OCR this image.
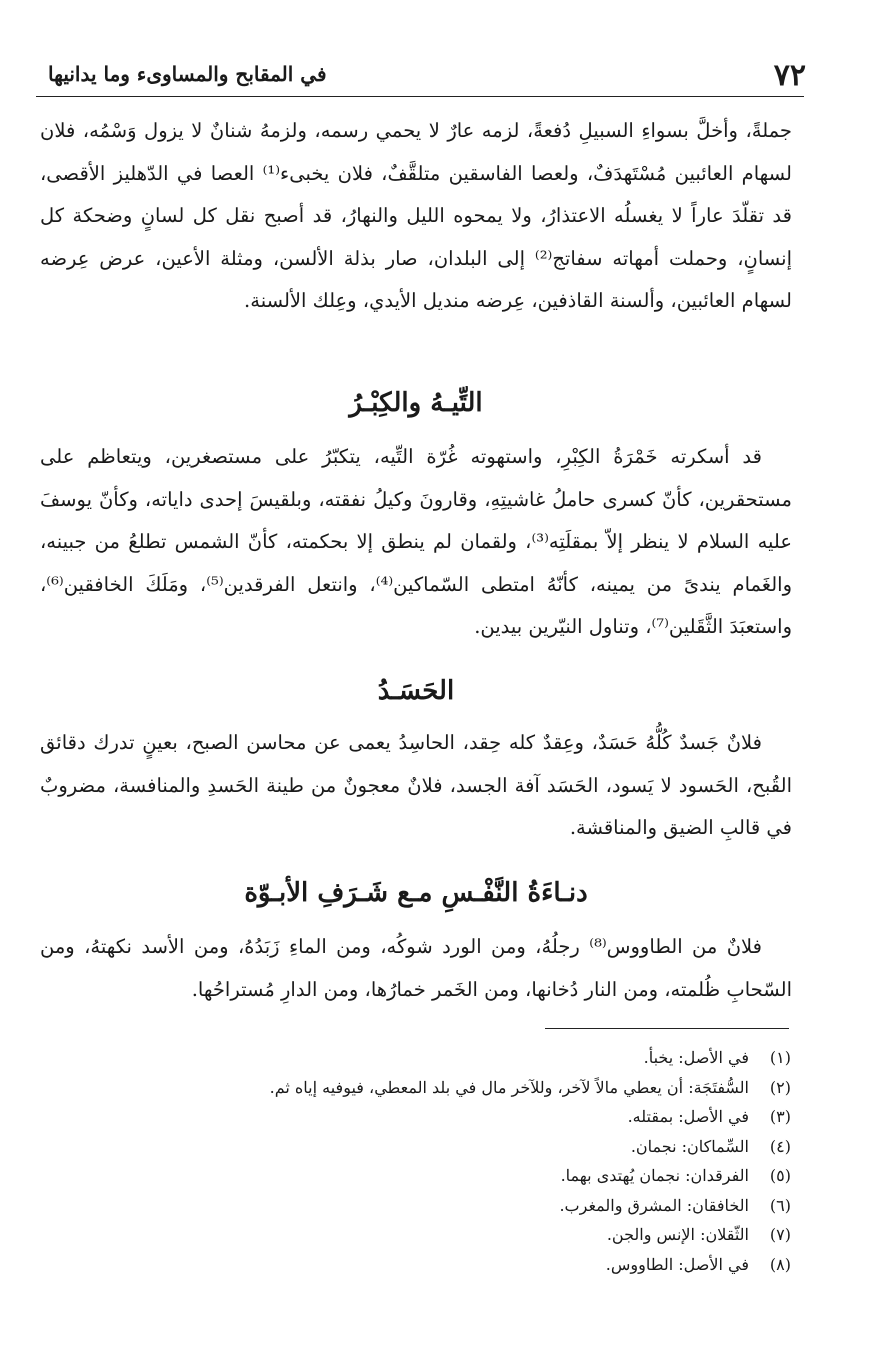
٧٢
في المقابح والمساوىء وما يدانيها

جملةً، وأخلَّ بسواءِ السبيلِ دُفعةً، لزمه عارٌ لا يحمي رسمه، ولزمهُ شنانٌ لا يزول وَسْمُه، فلان لسهام العائبين مُسْتَهدَفٌ، ولعصا الفاسقين متلقَّفٌ، فلان يخبىء⁽¹⁾ العصا في الدّهليز الأقصى، قد تقلّدَ عاراً لا يغسلُه الاعتذارُ، ولا يمحوه الليل والنهارُ، قد أصبح نقل كل لسانٍ وضحكة كل إنسانٍ، وحملت أمهاته سفاتج⁽²⁾ إلى البلدان، صار بذلة الألسن، ومثلة الأعين، عرض عِرضه لسهام العائبين، وألسنة القاذفين، عِرضه منديل الأيدي، وعِلك الألسنة.

التِّيـهُ والكِبْـرُ

قد أسكرته خَمْرَةُ الكِبْرِ، واستهوته غُرّة التِّيه، يتكبّرُ على مستصغرين، ويتعاظم على مستحقرين، كأنّ كسرى حاملُ غاشيتِهِ، وقارونَ وكيلُ نفقته، وبلقيسَ إحدى داياته، وكأنّ يوسفَ عليه السلام لا ينظر إلاّ بمقلَتِه⁽³⁾، ولقمان لم ينطق إلا بحكمته، كأنّ الشمس تطلعُ من جبينه، والغَمام يندىً من يمينه، كأنّهُ امتطى السّماكين⁽⁴⁾، وانتعل الفرقدين⁽⁵⁾، ومَلَكَ الخافقين⁽⁶⁾، واستعبَدَ الثَّقَلين⁽⁷⁾، وتناول النيّرين بيدين.

الحَسَـدُ

فلانٌ جَسدٌ كُلُّهُ حَسَدٌ، وعِقدٌ كله حِقد، الحاسِدُ يعمى عن محاسن الصبح، بعينٍ تدرك دقائق القُبح، الحَسود لا يَسود، الحَسَد آفة الجسد، فلانٌ معجونٌ من طينة الحَسدِ والمنافسة، مضروبٌ في قالبِ الضيق والمناقشة.

دنـاءَةُ النَّفْـسِ مـع شَـرَفِ الأبـوّة

فلانٌ من الطاووس⁽⁸⁾ رجلُهُ، ومن الورد شوكُه، ومن الماءِ زَبَدُهُ، ومن الأسد نكهتهُ، ومن السّحابِ ظُلمته، ومن النار دُخانها، ومن الخَمر خمارُها، ومن الدارِ مُستراحُها.

(١)في الأصل: يخبأ.
(٢)السُّفتَجَة: أن يعطي مالاً لآخر، وللآخر مال في بلد المعطي، فيوفيه إياه ثم.
(٣)في الأصل: بمقتله.
(٤)السِّماكان: نجمان.
(٥)الفرقدان: نجمان يُهتدى بهما.
(٦)الخافقان: المشرق والمغرب.
(٧)الثّقلان: الإنس والجن.
(٨)في الأصل: الطاووس.
